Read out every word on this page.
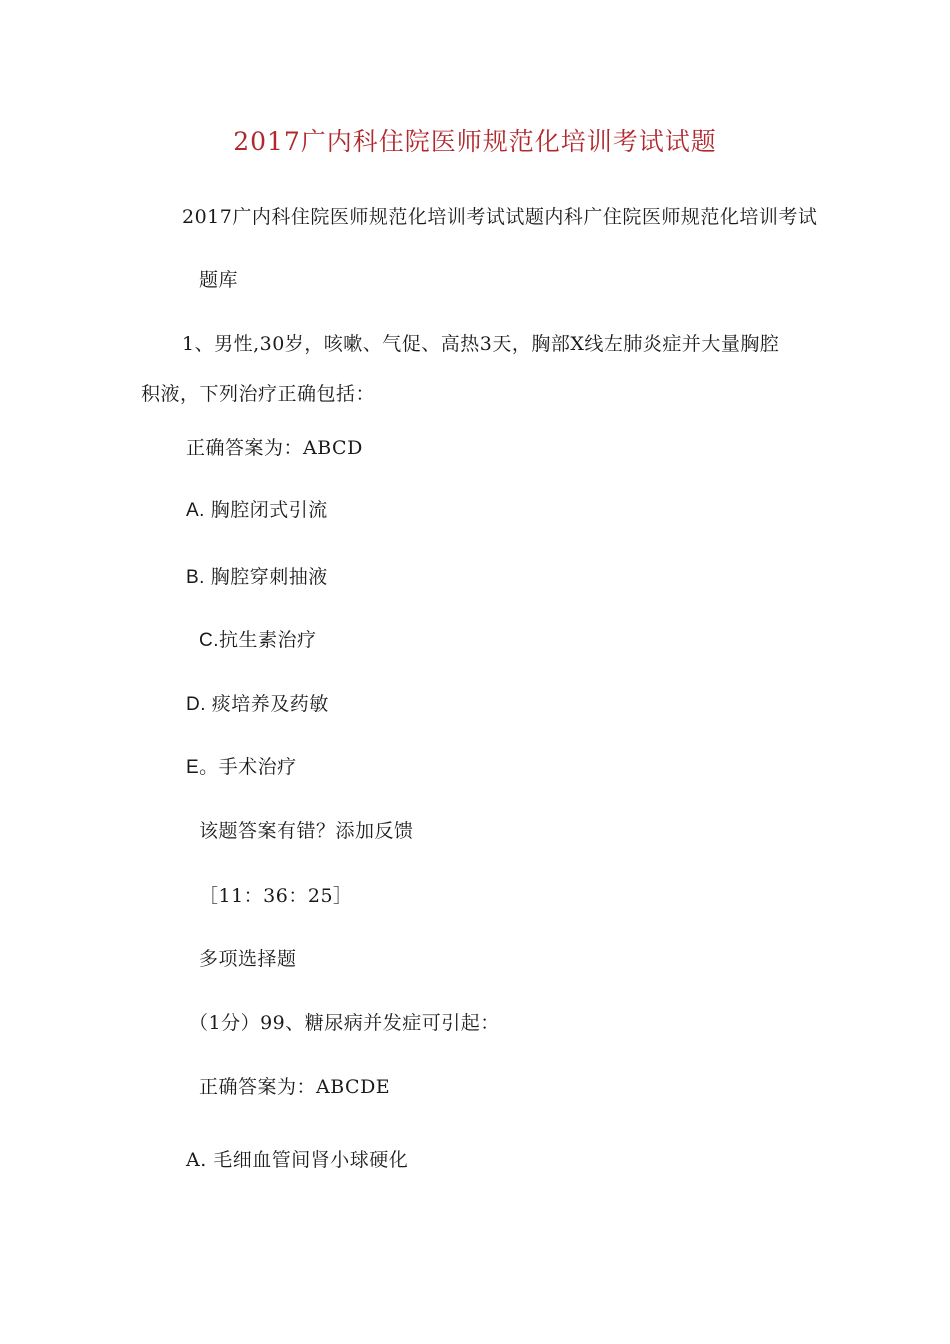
2017广内科住院医师规范化培训考试试题
2017广内科住院医师规范化培训考试试题内科广住院医师规范化培训考试
题库
1、男性,30岁，咳嗽、气促、高热3天，胸部X线左肺炎症并大量胸腔
积液，下列治疗正确包括：
正确答案为：ABCD
A. 胸腔闭式引流
B. 胸腔穿刺抽液
C.抗生素治疗
D. 痰培养及药敏
E。手术治疗
该题答案有错？添加反馈
［11：36：25］
多项选择题
（1分）99、糖尿病并发症可引起：
正确答案为：ABCDE
A. 毛细血管间肾小球硬化
